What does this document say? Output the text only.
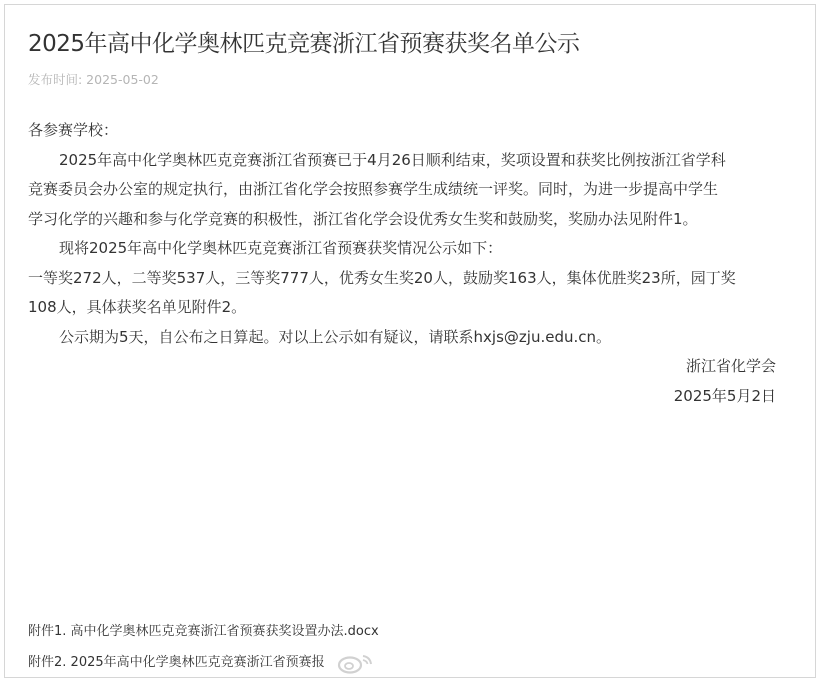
2025年高中化学奥林匹克竞赛浙江省预赛获奖名单公示
发布时间: 2025-05-02
各参赛学校：
2025年高中化学奥林匹克竞赛浙江省预赛已于4月26日顺利结束，奖项设置和获奖比例按浙江省学科
竞赛委员会办公室的规定执行，由浙江省化学会按照参赛学生成绩统一评奖。同时，为进一步提高中学生
学习化学的兴趣和参与化学竞赛的积极性，浙江省化学会设优秀女生奖和鼓励奖，奖励办法见附件1。
现将2025年高中化学奥林匹克竞赛浙江省预赛获奖情况公示如下：
一等奖272人，二等奖537人，三等奖777人，优秀女生奖20人，鼓励奖163人，集体优胜奖23所，园丁奖
108人，具体获奖名单见附件2。
公示期为5天，自公布之日算起。对以上公示如有疑议，请联系hxjs@zju.edu.cn。
浙江省化学会
2025年5月2日
附件1. 高中化学奥林匹克竞赛浙江省预赛获奖设置办法.docx
附件2. 2025年高中化学奥林匹克竞赛浙江省预赛报
